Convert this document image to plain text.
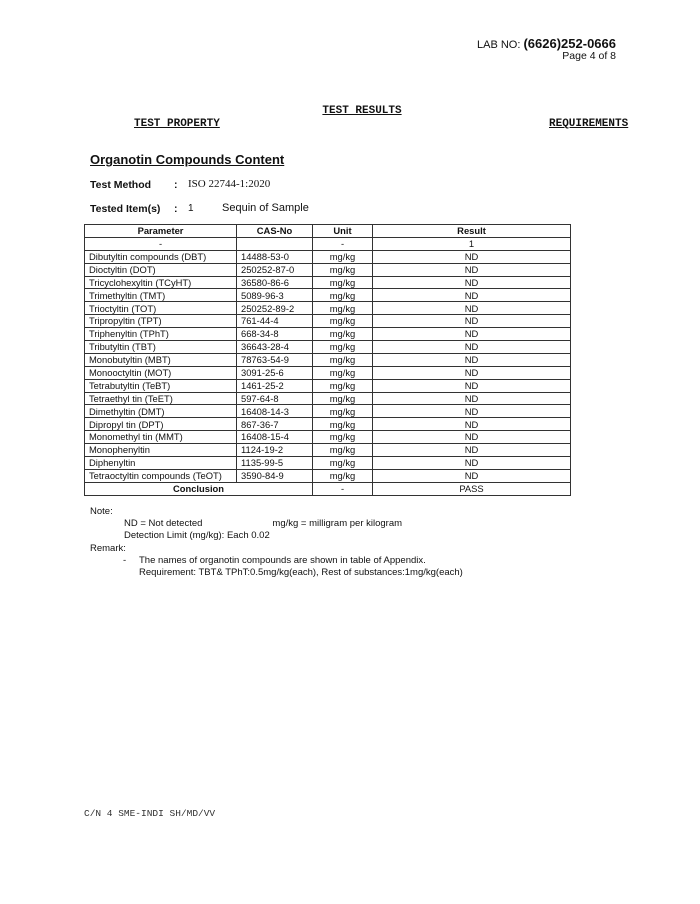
LAB NO: (6626)252-0666
Page 4 of 8
TEST RESULTS
TEST PROPERTY	REQUIREMENTS
Organotin Compounds Content
Test Method : ISO 22744-1:2020
Tested Item(s) : 1	Sequin of Sample
Parameter	CAS-No	Unit	Result
-		-	1
Dibutyltin compounds (DBT)	14488-53-0	mg/kg	ND
Dioctyltin (DOT)	250252-87-0	mg/kg	ND
Tricyclohexyltin (TCyHT)	36580-86-6	mg/kg	ND
Trimethyltin (TMT)	5089-96-3	mg/kg	ND
Trioctyltin (TOT)	250252-89-2	mg/kg	ND
Tripropyltin (TPT)	761-44-4	mg/kg	ND
Triphenyltin (TPhT)	668-34-8	mg/kg	ND
Tributyltin (TBT)	36643-28-4	mg/kg	ND
Monobutyltin (MBT)	78763-54-9	mg/kg	ND
Monooctyltin (MOT)	3091-25-6	mg/kg	ND
Tetrabutyltin (TeBT)	1461-25-2	mg/kg	ND
Tetraethyl tin (TeET)	597-64-8	mg/kg	ND
Dimethyltin (DMT)	16408-14-3	mg/kg	ND
Dipropyl tin (DPT)	867-36-7	mg/kg	ND
Monomethyl tin (MMT)	16408-15-4	mg/kg	ND
Monophenyltin	1124-19-2	mg/kg	ND
Diphenyltin	1135-99-5	mg/kg	ND
Tetraoctyltin compounds (TeOT)	3590-84-9	mg/kg	ND
Conclusion		-	PASS
Note:
ND = Not detected	mg/kg = milligram per kilogram
Detection Limit (mg/kg): Each 0.02
Remark:
-	The names of organotin compounds are shown in table of Appendix.
Requirement: TBT& TPhT:0.5mg/kg(each), Rest of substances:1mg/kg(each)
C/N 4 SME-INDI SH/MD/VV
